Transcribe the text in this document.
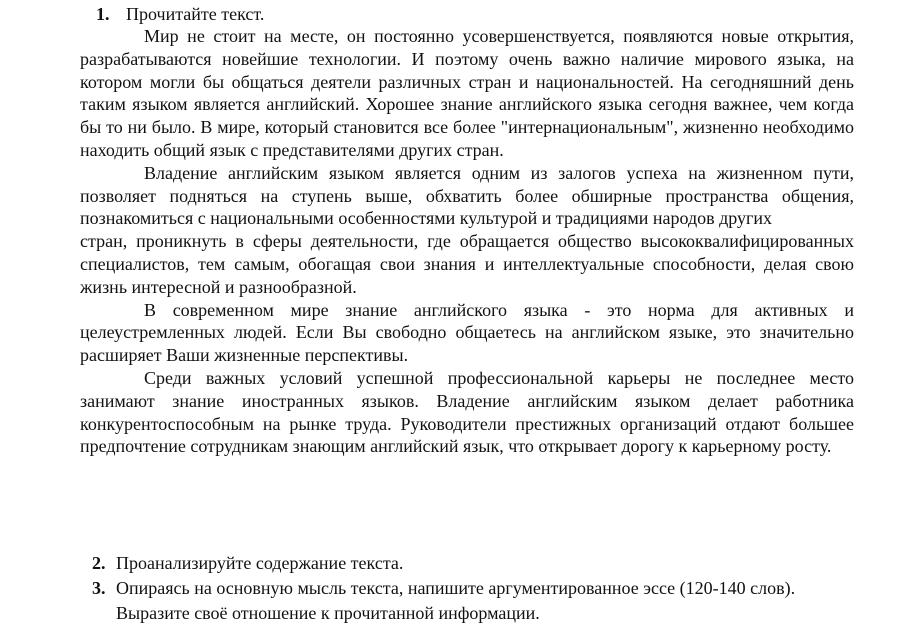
1. Прочитайте текст.

Мир не стоит на месте, он постоянно усовершенствуется, появляются новые открытия, разрабатываются новейшие технологии. И поэтому очень важно наличие мирового языка, на котором могли бы общаться деятели различных стран и национальностей. На сегодняшний день таким языком является английский. Хорошее знание английского языка сегодня важнее, чем когда бы то ни было. В мире, который становится все более "интернациональным", жизненно необходимо находить общий язык с представителями других стран.

Владение английским языком является одним из залогов успеха на жизненном пути, позволяет подняться на ступень выше, обхватить более обширные пространства общения, познакомиться с национальными особенностями культурой и традициями народов других

стран, проникнуть в сферы деятельности, где обращается общество высококвалифицированных специалистов, тем самым, обогащая свои знания и интеллектуальные способности, делая свою жизнь интересной и разнообразной.

В современном мире знание английского языка - это норма для активных и целеустремленных людей. Если Вы свободно общаетесь на английском языке, это значительно расширяет Ваши жизненные перспективы.

Среди важных условий успешной профессиональной карьеры не последнее место занимают знание иностранных языков. Владение английским языком делает работника конкурентоспособным на рынке труда. Руководители престижных организаций отдают большее предпочтение сотрудникам знающим английский язык, что открывает дорогу к карьерному росту.

2. Проанализируйте содержание текста.
3. Опираясь на основную мысль текста, напишите аргументированное эссе (120-140 слов). Выразите своё отношение к прочитанной информации.
